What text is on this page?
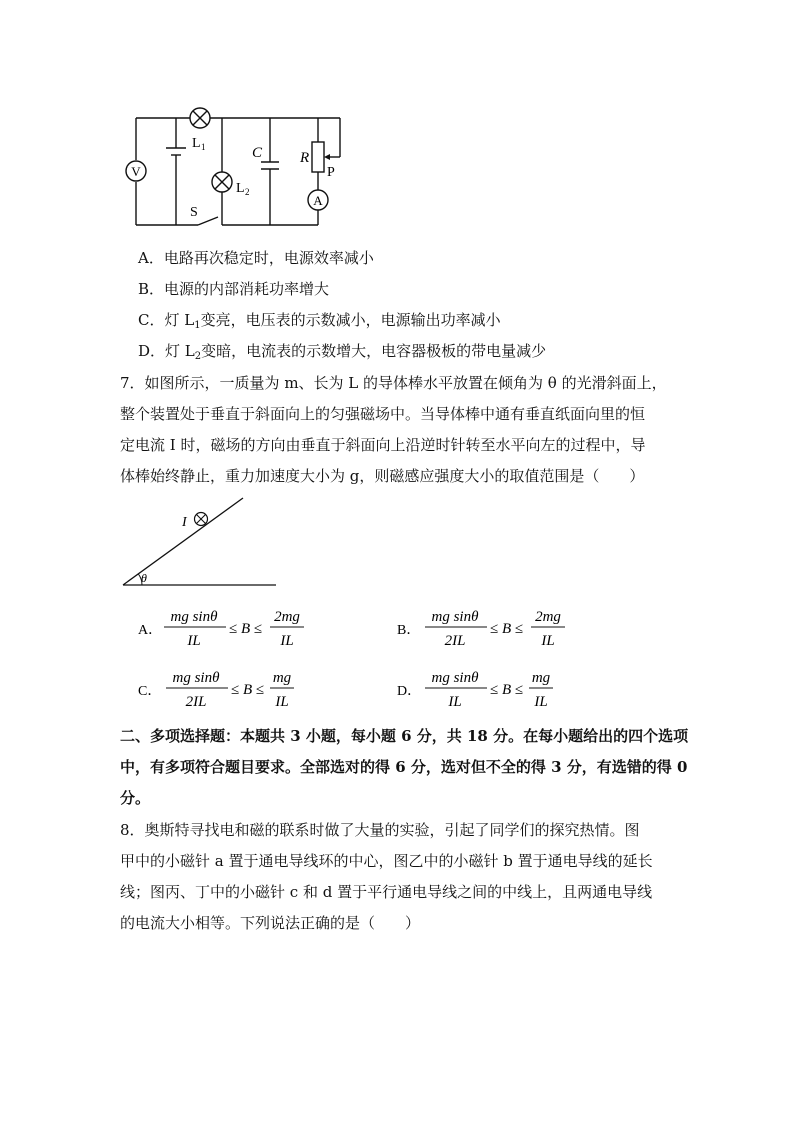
V
L 1
L 2
C	R
P
A
S
A．电路再次稳定时，电源效率减小
B．电源的内部消耗功率增大
C．灯 $L_1$变亮，电压表的示数减小，电源输出功率减小
D．灯 $L_2$变暗，电流表的示数增大，电容器极板的带电量减少
7．如图所示，一质量为 m、长为 L 的导体棒水平放置在倾角为 θ 的光滑斜面上，
整个装置处于垂直于斜面向上的匀强磁场中。当导体棒中通有垂直纸面向里的恒
定电流 I 时，磁场的方向由垂直于斜面向上沿逆时针转至水平向左的过程中，导
体棒始终静止，重力加速度大小为 g，则磁感应强度大小的取值范围是（　　）
θ
I
A．
mg sinθ
IL
≤ B ≤
2mg
IL
B．
mg sinθ
2IL
≤ B ≤
2mg
IL
C．
mg sinθ
2IL
≤ B ≤
mg
IL
D．
mg sinθ
IL
≤ B ≤
mg
IL
二、多项选择题：本题共 3 小题，每小题 6 分，共 18 分。在每小题给出的四个选项
中，有多项符合题目要求。全部选对的得 6 分，选对但不全的得 3 分，有选错的得 0
分。
8．奥斯特寻找电和磁的联系时做了大量的实验，引起了同学们的探究热情。图
甲中的小磁针 a 置于通电导线环的中心，图乙中的小磁针 b 置于通电导线的延长
线；图丙、丁中的小磁针 c 和 d 置于平行通电导线之间的中线上，且两通电导线
的电流大小相等。下列说法正确的是（　　）
